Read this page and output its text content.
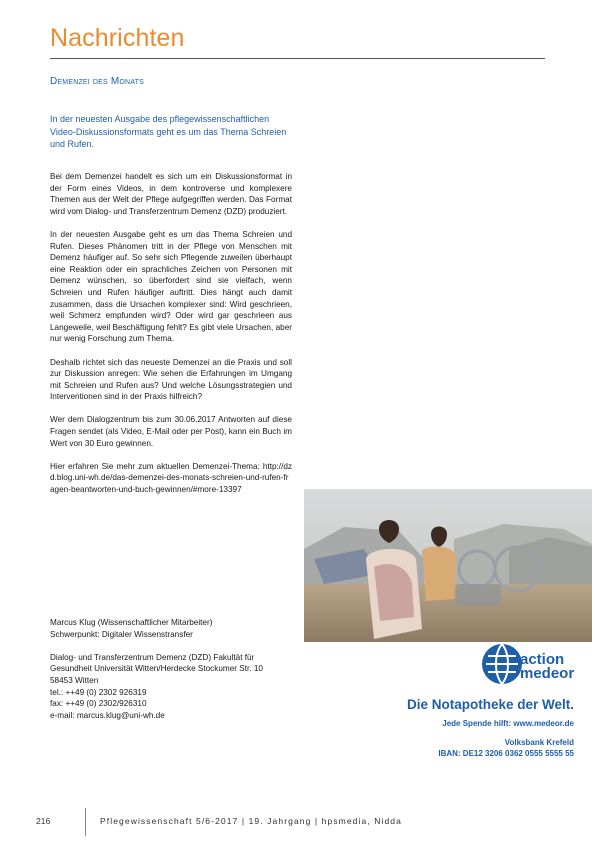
Nachrichten
Demenzei des Monats
In der neuesten Ausgabe des pflegewissenschaftlichen Video-Diskussionsformats geht es um das Thema Schreien und Rufen.

Bei dem Demenzei handelt es sich um ein Diskussionsformat in der Form eines Videos, in dem kontroverse und komplexere Themen aus der Welt der Pflege aufgegriffen werden. Das Format wird vom Dialog- und Transferzentrum Demenz (DZD) produziert.

In der neuesten Ausgabe geht es um das Thema Schreien und Rufen. Dieses Phänomen tritt in der Pflege von Menschen mit Demenz häufiger auf. So sehr sich Pflegende zuweilen überhaupt eine Reaktion oder ein sprachliches Zeichen von Personen mit Demenz wünschen, so überfordert sind sie vielfach, wenn Schreien und Rufen häufiger auftritt. Dies hängt auch damit zusammen, dass die Ursachen komplexer sind: Wird geschrieen, weil Schmerz empfunden wird? Oder wird gar geschrieen aus Langeweile, weil Beschäftigung fehlt? Es gibt viele Ursachen, aber nur wenig Forschung zum Thema.

Deshalb richtet sich das neueste Demenzei an die Praxis und soll zur Diskussion anregen: Wie sehen die Erfahrungen im Umgang mit Schreien und Rufen aus? Und welche Lösungsstrategien und Interventionen sind in der Praxis hilfreich?

Wer dem Dialogzentrum bis zum 30.06.2017 Antworten auf diese Fragen sendet (als Video, E-Mail oder per Post), kann ein Buch im Wert von 30 Euro gewinnen.

Hier erfahren Sie mehr zum aktuellen Demenzei-Thema: http://dzd.blog.uni-wh.de/das-demenzei-des-monats-schreien-und-rufen-fragen-beantworten-und-buch-gewinnen/#more-13397

Marcus Klug (Wissenschaftlicher Mitarbeiter)
Schwerpunkt: Digitaler Wissenstransfer

Dialog- und Transferzentrum Demenz (DZD) Fakultät für Gesundheit Universität Witten/Herdecke Stockumer Str. 10
58453 Witten
tel.: ++49 (0) 2302 926319
fax: ++49 (0) 2302/926310
e-mail: marcus.klug@uni-wh.de

action
medeor
Die Notapotheke der Welt.
Jede Spende hilft: www.medeor.de
Volksbank Krefeld
IBAN: DE12 3206 0362 0555 5555 55
216	Pflegewissenschaft 5/6-2017 | 19. Jahrgang | hpsmedia, Nidda
